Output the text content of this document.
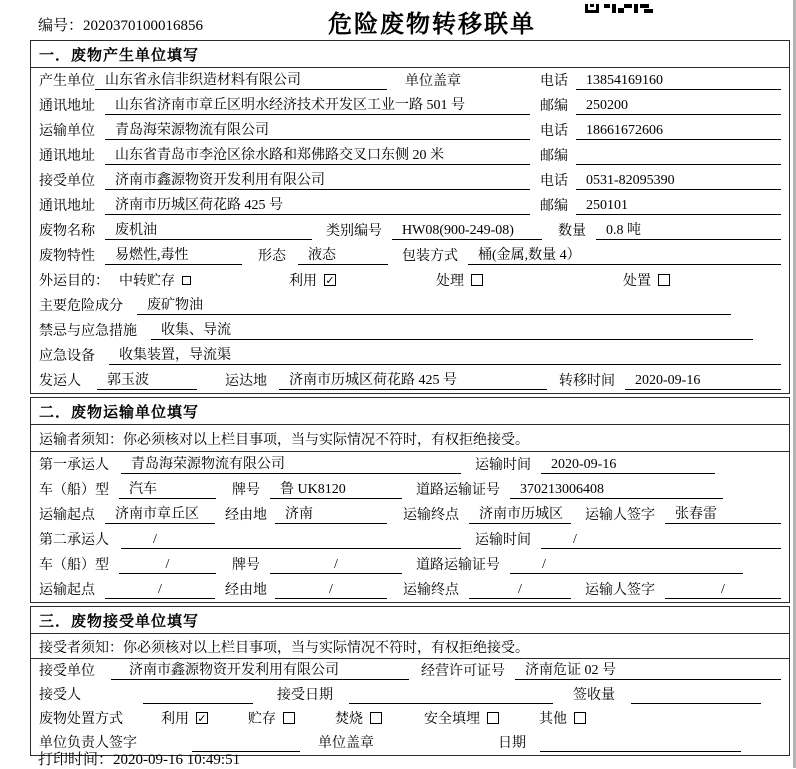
编号：2020370100016856	危险废物转移联单
一．废物产生单位填写
产生单位 山东省永信非织造材料有限公司	单位盖章	电话	13854169160
通讯地址	山东省济南市章丘区明水经济技术开发区工业一路 501 号	邮编	250200
运输单位	青岛海荣源物流有限公司	电话	18661672606
通讯地址	山东省青岛市李沧区徐水路和郑佛路交叉口东侧 20 米	邮编
接受单位	济南市鑫源物资开发利用有限公司	电话	0531-82095390
通讯地址	济南市历城区荷花路 425 号	邮编	250101
废物名称	废机油	类别编号	HW08(900-249-08)	数量	0.8 吨
废物特性	易燃性,毒性	形态	液态	包装方式	桶(金属,数量 4）
外运目的： 中转贮存	利用 ✓	处理	处置
主要危险成分	废矿物油
禁忌与应急措施	收集、导流
应急设备	收集装置，导流渠
发运人	郭玉波	运达地	济南市历城区荷花路 425 号	转移时间	2020-09-16
二．废物运输单位填写
运输者须知：你必须核对以上栏目事项，当与实际情况不符时，有权拒绝接受。
第一承运人	青岛海荣源物流有限公司	运输时间	2020-09-16
车（船）型	汽车	牌号	鲁 UK8120	道路运输证号	370213006408
运输起点	济南市章丘区	经由地	济南	运输终点	济南市历城区	运输人签字	张春雷
第二承运人	/	运输时间	/
车（船）型	/	牌号	/	道路运输证号	/
运输起点	/	经由地	/	运输终点	/	运输人签字	/
三．废物接受单位填写
接受者须知：你必须核对以上栏目事项，当与实际情况不符时，有权拒绝接受。
接受单位	济南市鑫源物资开发利用有限公司	经营许可证号	济南危证 02 号
接受人	接受日期	签收量
废物处置方式	利用 ✓	贮存	焚烧	安全填埋	其他
单位负责人签字	单位盖章	日期
打印时间：2020-09-16 10:49:51
